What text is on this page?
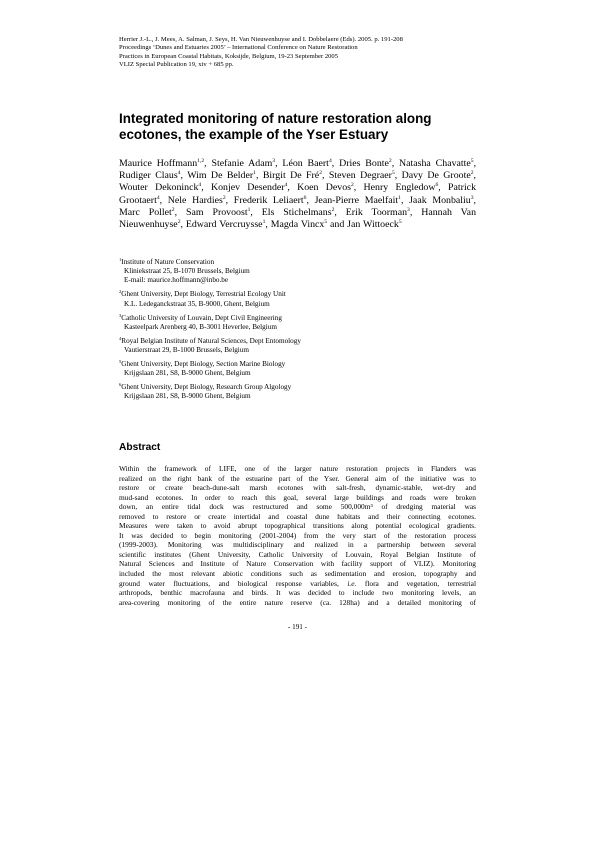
Herrier J.-L., J. Mees, A. Salman, J. Seys, H. Van Nieuwenhuyse and I. Dobbelaere (Eds). 2005. p. 191-208
Proceedings ‘Dunes and Estuaries 2005’ – International Conference on Nature Restoration
Practices in European Coastal Habitats, Koksijde, Belgium, 19-23 September 2005
VLIZ Special Publication 19, xiv + 685 pp.
Integrated monitoring of nature restoration along
ecotones, the example of the Yser Estuary
Maurice Hoffmann$^{1,2}$, Stefanie Adam$^3$, Léon Baert$^4$, Dries Bonte$^2$, Natasha Chavatte$^5$, Rudiger Claus$^4$, Wim De Belder$^1$, Birgit De Fré$^2$, Steven Degraer$^5$, Davy De Groote$^2$, Wouter Dekoninck$^4$, Konjev Desender$^4$, Koen Devos$^2$, Henry Engledow$^6$, Patrick Grootaert$^4$, Nele Hardies$^2$, Frederik Leliaert$^6$, Jean-Pierre Maelfait$^1$, Jaak Monbaliu$^3$, Marc Pollet$^2$, Sam Provoost$^1$, Els Stichelmans$^2$, Erik Toorman$^3$, Hannah Van Nieuwenhuyse$^2$, Edward Vercruysse$^1$, Magda Vincx$^5$ and Jan Wittoeck$^5$
$^1$Institute of Nature Conservation
Kliniekstraat 25, B-1070 Brussels, Belgium
E-mail: maurice.hoffmann@inbo.be
$^2$Ghent University, Dept Biology, Terrestrial Ecology Unit
K.L. Ledeganckstraat 35, B-9000, Ghent, Belgium
$^3$Catholic University of Louvain, Dept Civil Engineering
Kasteelpark Arenberg 40, B-3001 Heverlee, Belgium
$^4$Royal Belgian Institute of Natural Sciences, Dept Entomology
Vautierstraat 29, B-1000 Brussels, Belgium
$^5$Ghent University, Dept Biology, Section Marine Biology
Krijgslaan 281, S8, B-9000 Ghent, Belgium
$^6$Ghent University, Dept Biology, Research Group Algology
Krijgslaan 281, S8, B-9000 Ghent, Belgium
Abstract
Within the framework of LIFE, one of the larger nature restoration projects in Flanders was
realized on the right bank of the estuarine part of the Yser. General aim of the initiative was to
restore or create beach-dune-salt marsh ecotones with salt-fresh, dynamic-stable, wet-dry and
mud-sand ecotones. In order to reach this goal, several large buildings and roads were broken
down, an entire tidal dock was restructured and some 500,000m³ of dredging material was
removed to restore or create intertidal and coastal dune habitats and their connecting ecotones.
Measures were taken to avoid abrupt topographical transitions along potential ecological gradients.
It was decided to begin monitoring (2001-2004) from the very start of the restoration process
(1999-2003). Monitoring was multidisciplinary and realized in a partnership between several
scientific institutes (Ghent University, Catholic University of Louvain, Royal Belgian Institute of
Natural Sciences and Institute of Nature Conservation with facility support of VLIZ). Monitoring
included the most relevant abiotic conditions such as sedimentation and erosion, topography and
ground water fluctuations, and biological response variables, i.e. flora and vegetation, terrestrial
arthropods, benthic macrofauna and birds. It was decided to include two monitoring levels, an
area-covering monitoring of the entire nature reserve (ca. 128ha) and a detailed monitoring of
- 191 -
